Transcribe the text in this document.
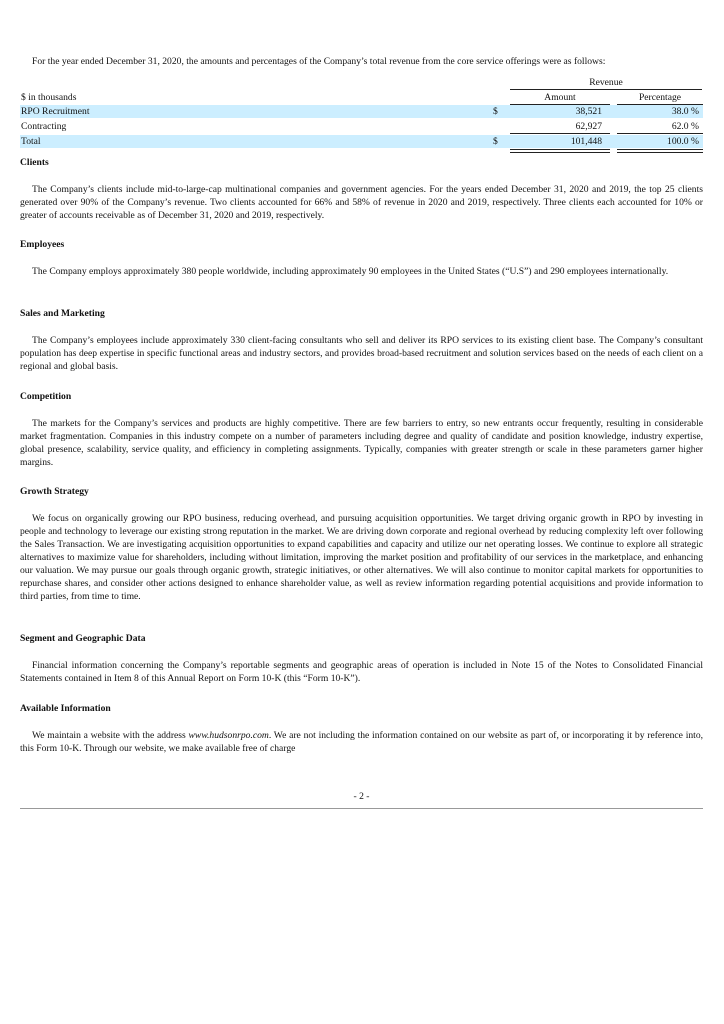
For the year ended December 31, 2020, the amounts and percentages of the Company’s total revenue from the core service offerings were as follows:

Revenue
$ in thousands	Amount	Percentage
RPO Recruitment	$	38,521	38.0 %
Contracting	62,927	62.0 %
Total	$	101,448	100.0 %
Clients

The Company’s clients include mid-to-large-cap multinational companies and government agencies. For the years ended December 31, 2020 and 2019, the top 25 clients generated over 90% of the Company’s revenue. Two clients accounted for 66% and 58% of revenue in 2020 and 2019, respectively. Three clients each accounted for 10% or greater of accounts receivable as of December 31, 2020 and 2019, respectively.

Employees

The Company employs approximately 380 people worldwide, including approximately 90 employees in the United States (“U.S”) and 290 employees internationally.

Sales and Marketing

The Company’s employees include approximately 330 client-facing consultants who sell and deliver its RPO services to its existing client base. The Company’s consultant population has deep expertise in specific functional areas and industry sectors, and provides broad-based recruitment and solution services based on the needs of each client on a regional and global basis.

Competition

The markets for the Company’s services and products are highly competitive. There are few barriers to entry, so new entrants occur frequently, resulting in considerable market fragmentation. Companies in this industry compete on a number of parameters including degree and quality of candidate and position knowledge, industry expertise, global presence, scalability, service quality, and efficiency in completing assignments. Typically, companies with greater strength or scale in these parameters garner higher margins.

Growth Strategy

We focus on organically growing our RPO business, reducing overhead, and pursuing acquisition opportunities. We target driving organic growth in RPO by investing in people and technology to leverage our existing strong reputation in the market. We are driving down corporate and regional overhead by reducing complexity left over following the Sales Transaction. We are investigating acquisition opportunities to expand capabilities and capacity and utilize our net operating losses. We continue to explore all strategic alternatives to maximize value for shareholders, including without limitation, improving the market position and profitability of our services in the marketplace, and enhancing our valuation. We may pursue our goals through organic growth, strategic initiatives, or other alternatives. We will also continue to monitor capital markets for opportunities to repurchase shares, and consider other actions designed to enhance shareholder value, as well as review information regarding potential acquisitions and provide information to third parties, from time to time.

Segment and Geographic Data

Financial information concerning the Company’s reportable segments and geographic areas of operation is included in Note 15 of the Notes to Consolidated Financial Statements contained in Item 8 of this Annual Report on Form 10-K (this “Form 10-K”).

Available Information

We maintain a website with the address www.hudsonrpo.com. We are not including the information contained on our website as part of, or incorporating it by reference into, this Form 10-K. Through our website, we make available free of charge

- 2 -
